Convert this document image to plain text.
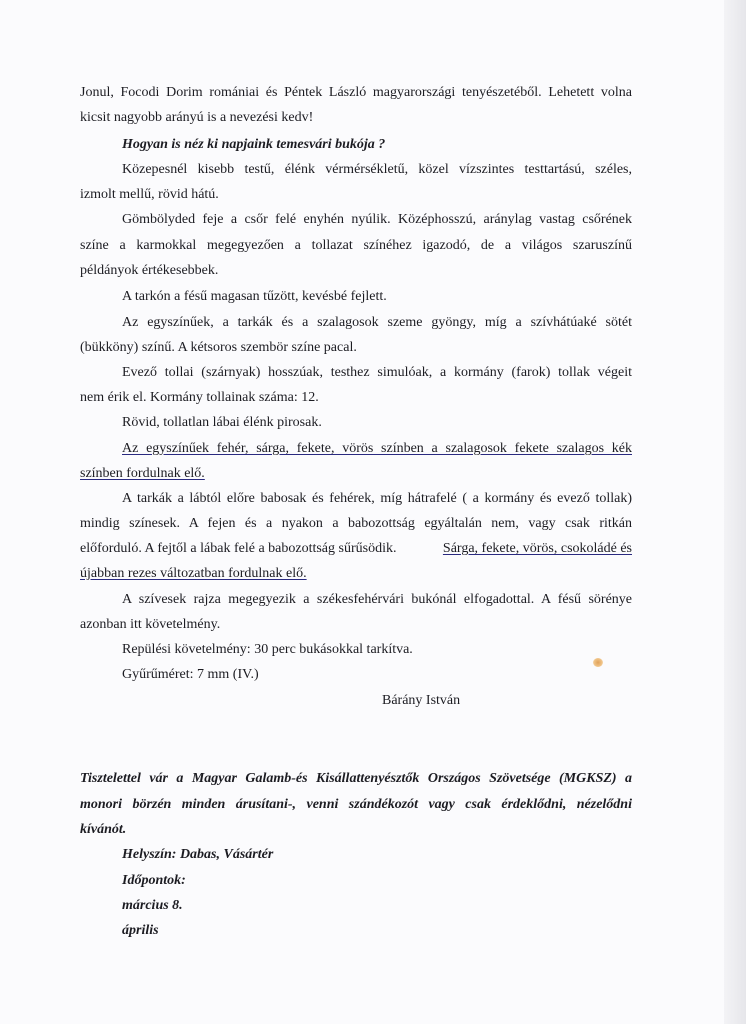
Jonul, Focodi Dorim romániai és Péntek László magyarországi tenyészetéből. Lehetett volna
kicsit nagyobb arányú is a nevezési kedv!
Hogyan is néz ki napjaink temesvári bukója ?
Közepesnél kisebb testű, élénk vérmérsékletű, közel vízszintes testtartású, széles,
izmolt mellű, rövid hátú.
Gömbölyded feje a csőr felé enyhén nyúlik. Középhosszú, aránylag vastag csőrének
színe a karmokkal megegyezően a tollazat színéhez igazodó, de a világos szaruszínű
példányok értékesebbek.
A tarkón a fésű magasan tűzött, kevésbé fejlett.
Az egyszínűek, a tarkák és a szalagosok szeme gyöngy, míg a szívhátúaké sötét
(bükköny) színű. A kétsoros szembör színe pacal.
Evező tollai (szárnyak) hosszúak, testhez simulóak, a kormány (farok) tollak végeit
nem érik el. Kormány tollainak száma: 12.
Rövid, tollatlan lábai élénk pirosak.
Az egyszínűek fehér, sárga, fekete, vörös színben a szalagosok fekete szalagos kék
színben fordulnak elő.
A tarkák a lábtól előre babosak és fehérek, míg hátrafelé ( a kormány és evező tollak)
mindig színesek. A fejen és a nyakon a babozottság egyáltalán nem, vagy csak ritkán
előforduló. A fejtől a lábak felé a babozottság sűrűsödik.	Sárga, fekete, vörös, csokoládé és
újabban rezes változatban fordulnak elő.
A szívesek rajza megegyezik a székesfehérvári bukónál elfogadottal. A fésű sörénye
azonban itt követelmény.
Repülési követelmény: 30 perc bukásokkal tarkítva.
Gyűrűméret: 7 mm (IV.)
Bárány István
Tisztelettel vár a Magyar Galamb-és Kisállattenyésztők Országos Szövetsége (MGKSZ) a
monori börzén minden árusítani-, venni szándékozót vagy csak érdeklődni, nézelődni
kívánót.
Helyszín: Dabas, Vásártér
Időpontok:
március 8.
április
